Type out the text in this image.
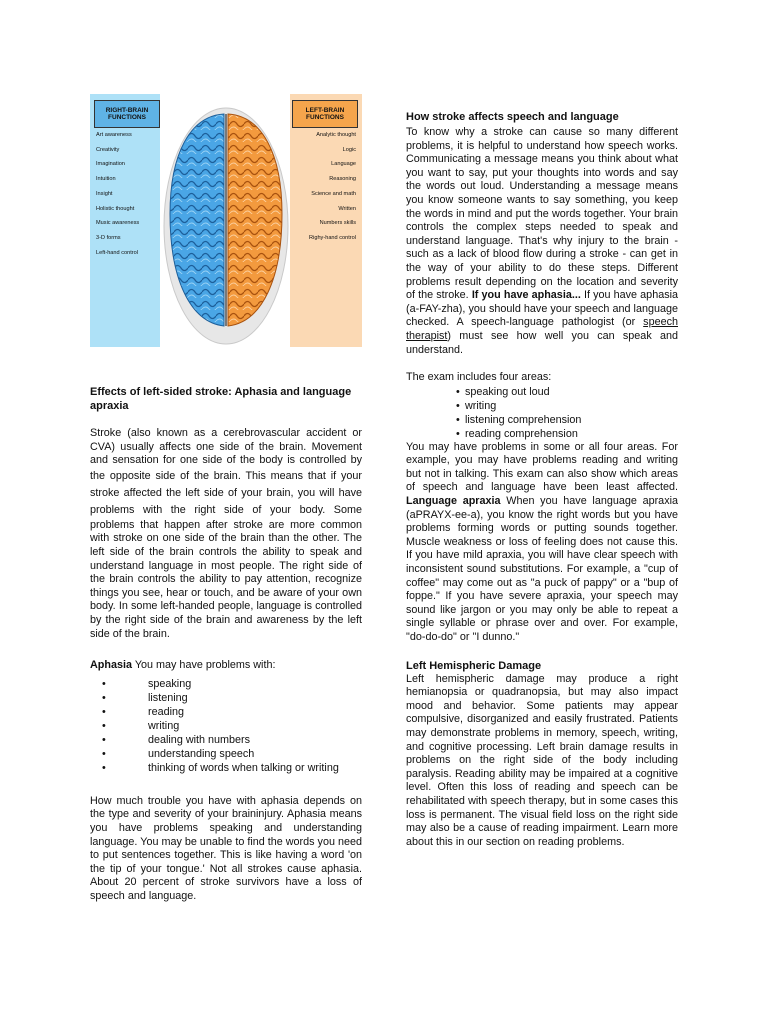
RIGHT-BRAIN FUNCTIONS
Art awareness
Creativity
Imagination
Intuition
Insight
Holistic thought
Music awareness
3-D forms
Left-hand control
LEFT-BRAIN FUNCTIONS
Analytic thought
Logic
Language
Reasoning
Science and math
Written
Numbers skills
Righy-hand control
Effects of left-sided stroke: Aphasia and language apraxia

Stroke (also known as a cerebrovascular accident or CVA) usually affects one side of the brain. Movement and sensation for one side of the body is controlled by the opposite side of the brain. This means that if your stroke affected the left side of your brain, you will have problems with the right side of your body. Some problems that happen after stroke are more common with stroke on one side of the brain than the other. The left side of the brain controls the ability to speak and understand language in most people. The right side of the brain controls the ability to pay attention, recognize things you see, hear or touch, and be aware of your own body. In some left-handed people, language is controlled by the right side of the brain and awareness by the left side of the brain.

Aphasia You may have problems with:

• speaking
• listening
• reading
• writing
• dealing with numbers
• understanding speech
• thinking of words when talking or writing

How much trouble you have with aphasia depends on the type and severity of your braininjury. Aphasia means you have problems speaking and understanding language. You may be unable to find the words you need to put sentences together. This is like having a word 'on the tip of your tongue.' Not all strokes cause aphasia. About 20 percent of stroke survivors have a loss of speech and language.

How stroke affects speech and language

To know why a stroke can cause so many different problems, it is helpful to understand how speech works. Communicating a message means you think about what you want to say, put your thoughts into words and say the words out loud. Understanding a message means you know someone wants to say something, you keep the words in mind and put the words together. Your brain controls the complex steps needed to speak and understand language. That's why injury to the brain - such as a lack of blood flow during a stroke - can get in the way of your ability to do these steps. Different problems result depending on the location and severity of the stroke. If you have aphasia... If you have aphasia (a-FAY-zha), you should have your speech and language checked. A speech-language pathologist (or speech therapist) must see how well you can speak and understand.

The exam includes four areas:

• speaking out loud
• writing
• listening comprehension
• reading comprehension

You may have problems in some or all four areas. For example, you may have problems reading and writing but not in talking. This exam can also show which areas of speech and language have been least affected. Language apraxia When you have language apraxia (aPRAYX-ee-a), you know the right words but you have problems forming words or putting sounds together. Muscle weakness or loss of feeling does not cause this. If you have mild apraxia, you will have clear speech with inconsistent sound substitutions. For example, a "cup of coffee" may come out as "a puck of pappy" or a "bup of foppe." If you have severe apraxia, your speech may sound like jargon or you may only be able to repeat a single syllable or phrase over and over. For example, "do-do-do" or "I dunno."

Left Hemispheric Damage

Left hemispheric damage may produce a right hemianopsia or quadranopsia, but may also impact mood and behavior. Some patients may appear compulsive, disorganized and easily frustrated. Patients may demonstrate problems in memory, speech, writing, and cognitive processing. Left brain damage results in problems on the right side of the body including paralysis. Reading ability may be impaired at a cognitive level. Often this loss of reading and speech can be rehabilitated with speech therapy, but in some cases this loss is permanent. The visual field loss on the right side may also be a cause of reading impairment. Learn more about this in our section on reading problems.
